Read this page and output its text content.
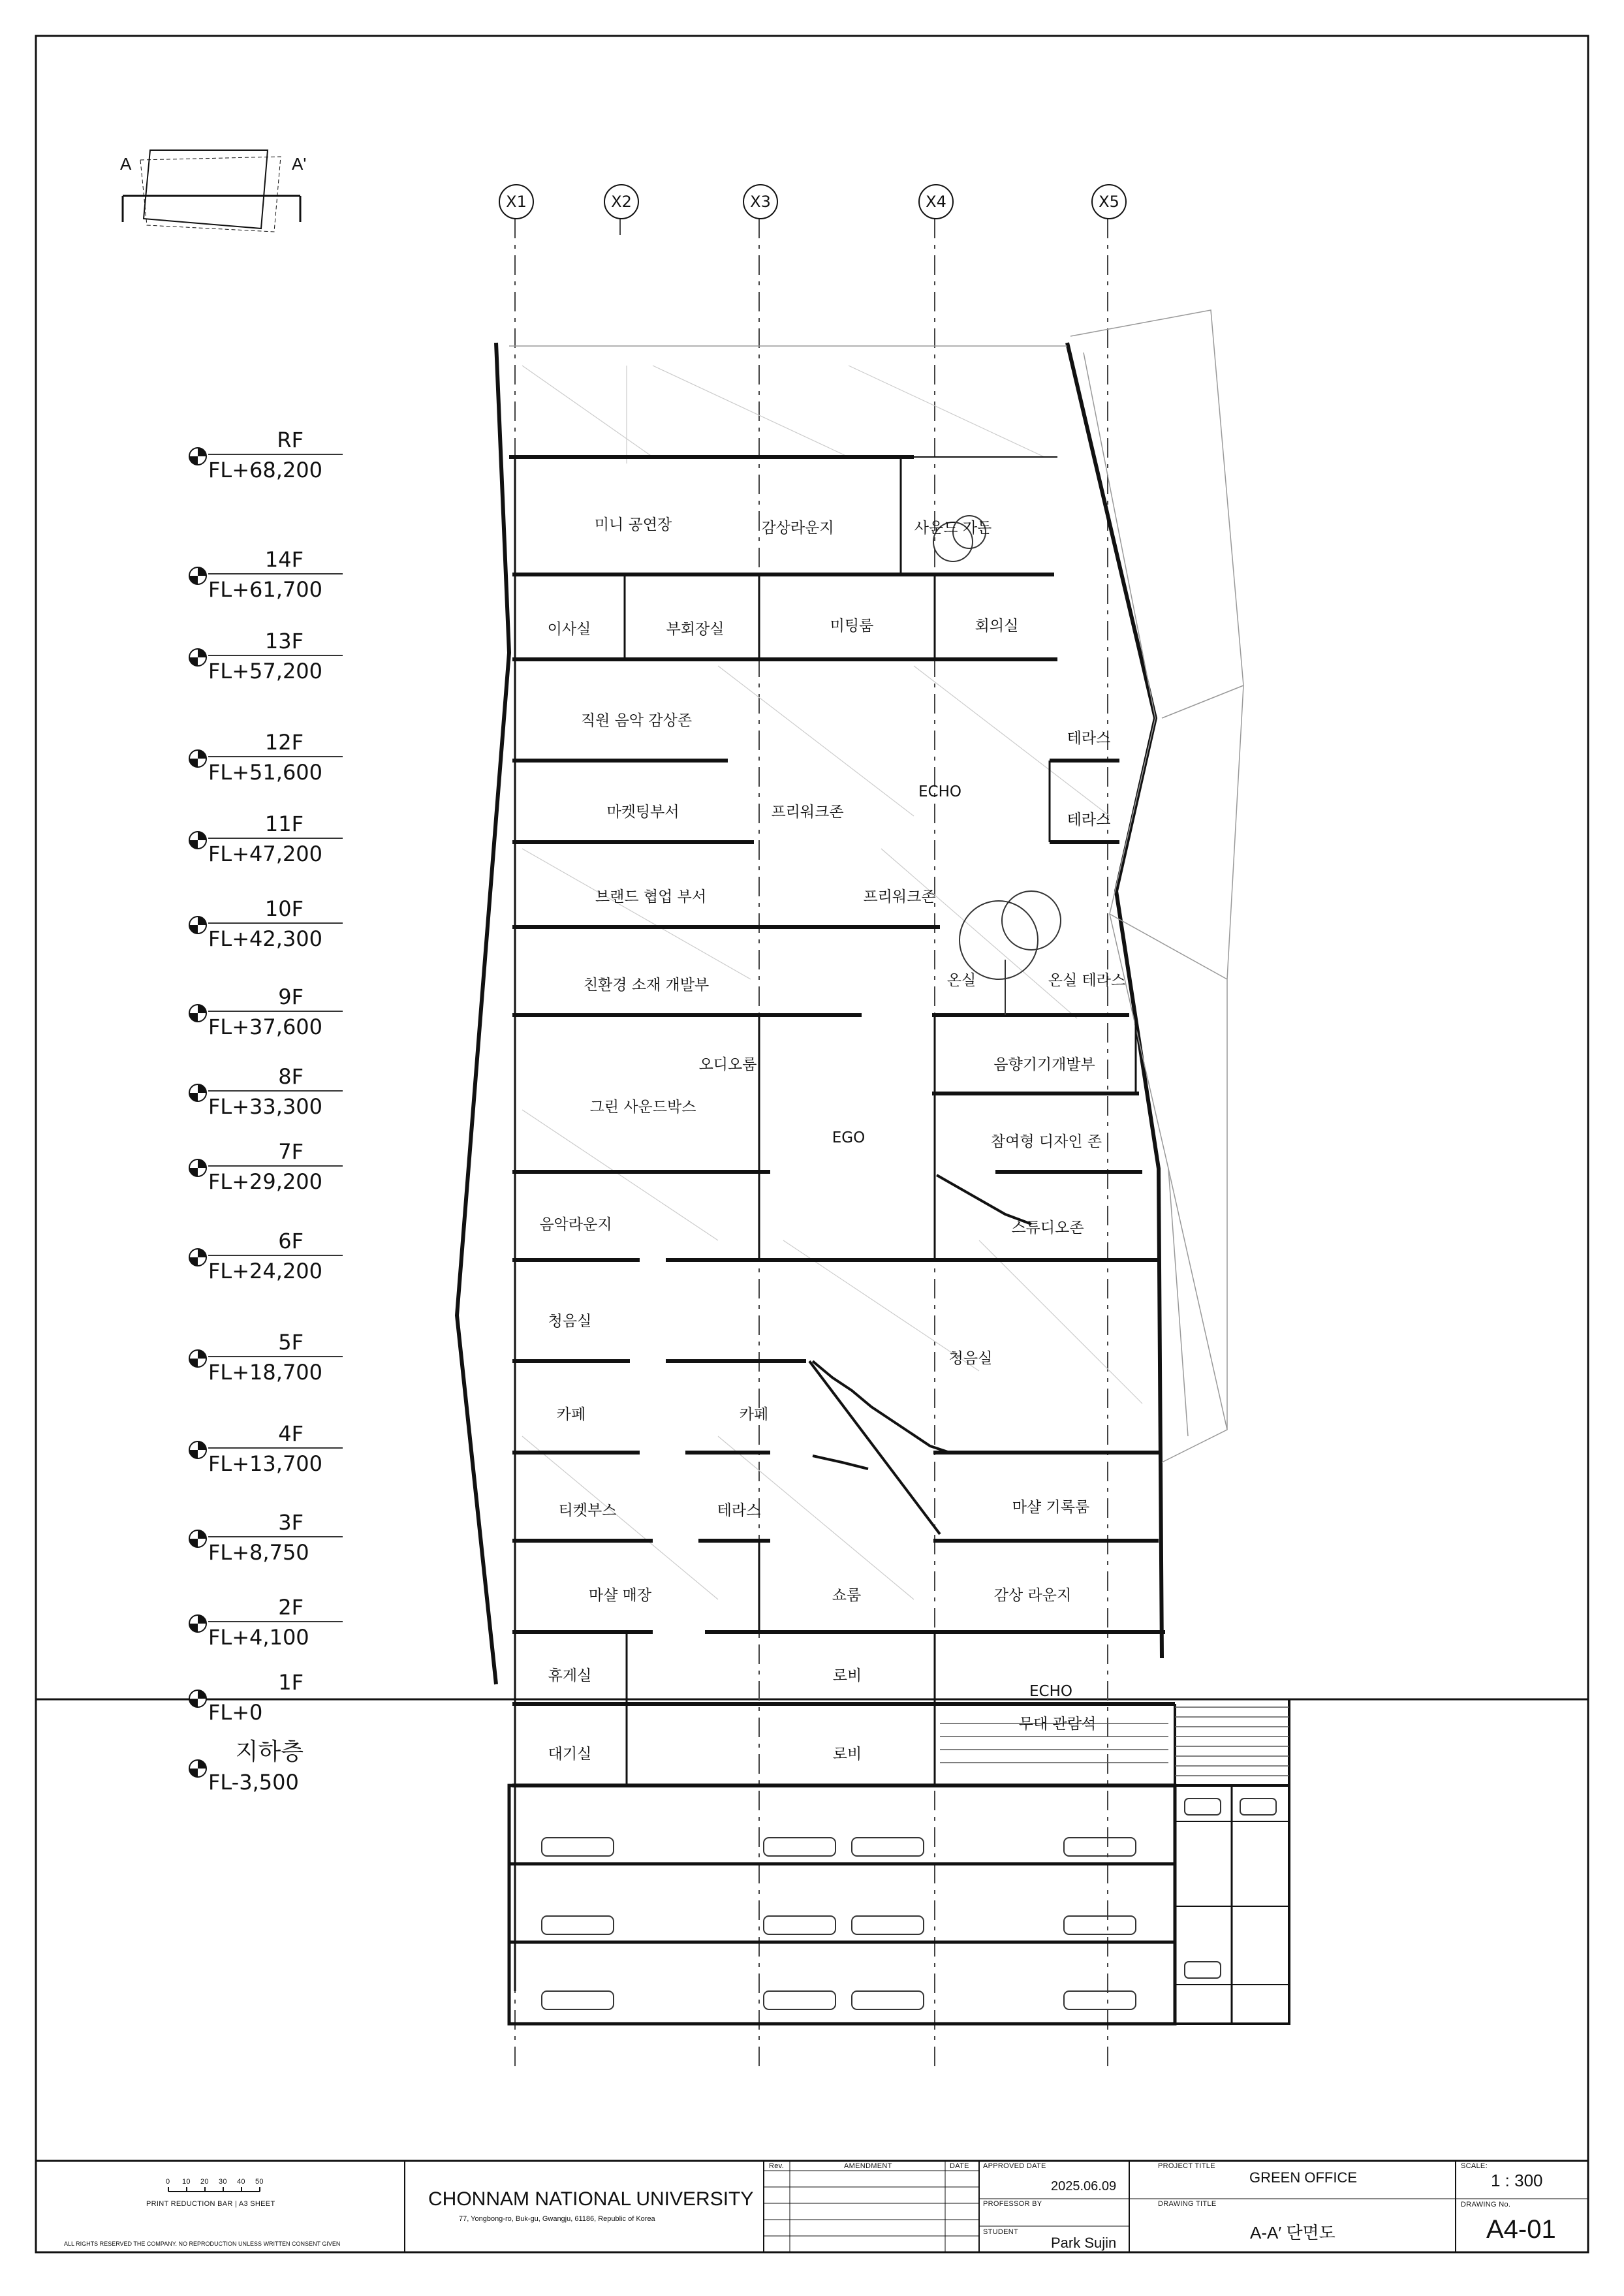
A	A'
X1	X2	X3	X4	X5
RF
FL+68,200
14F
FL+61,700
13F
FL+57,200
12F
FL+51,600
11F
FL+47,200
10F
FL+42,300
9F
FL+37,600
8F
FL+33,300
7F
FL+29,200
6F
FL+24,200
5F
FL+18,700
4F
FL+13,700
3F
FL+8,750
2F
FL+4,100
1F
FL+0
지하층
FL-3,500
미니 공연장	감상라운지	사운드 가든
이사실	부회장실	미팅룸	회의실
직원 음악 감상존
테라스
마켓팅부서	프리워크존	테라스
브랜드 협업 부서	프리워크존
친환경 소재 개발부	온실	온실 테라스
오디오룸	음향기기개발부
그린 사운드박스
참여형 디자인 존
음악라운지	스튜디오존
청음실
청음실
카페	카페
티켓부스	테라스	마샬 기록룸
마샬 매장	쇼룸	감상 라운지
휴게실	로비
무대 관람석
대기실	로비
ECHO
EGO
ECHO
0 10 20 30 40 50
PRINT REDUCTION BAR | A3 SHEET
ALL RIGHTS RESERVED THE COMPANY. NO REPRODUCTION UNLESS WRITTEN CONSENT GIVEN
CHONNAM NATIONAL UNIVERSITY
77, Yongbong-ro, Buk-gu, Gwangju, 61186, Republic of Korea
Rev.	AMENDMENT	DATE APPROVED DATE
2025.06.09
PROFESSOR BY
STUDENT
Park Sujin
PROJECT TITLE
GREEN OFFICE
DRAWING TITLE
A-A′ 단면도
SCALE:
1 : 300
DRAWING No.
A4-01
